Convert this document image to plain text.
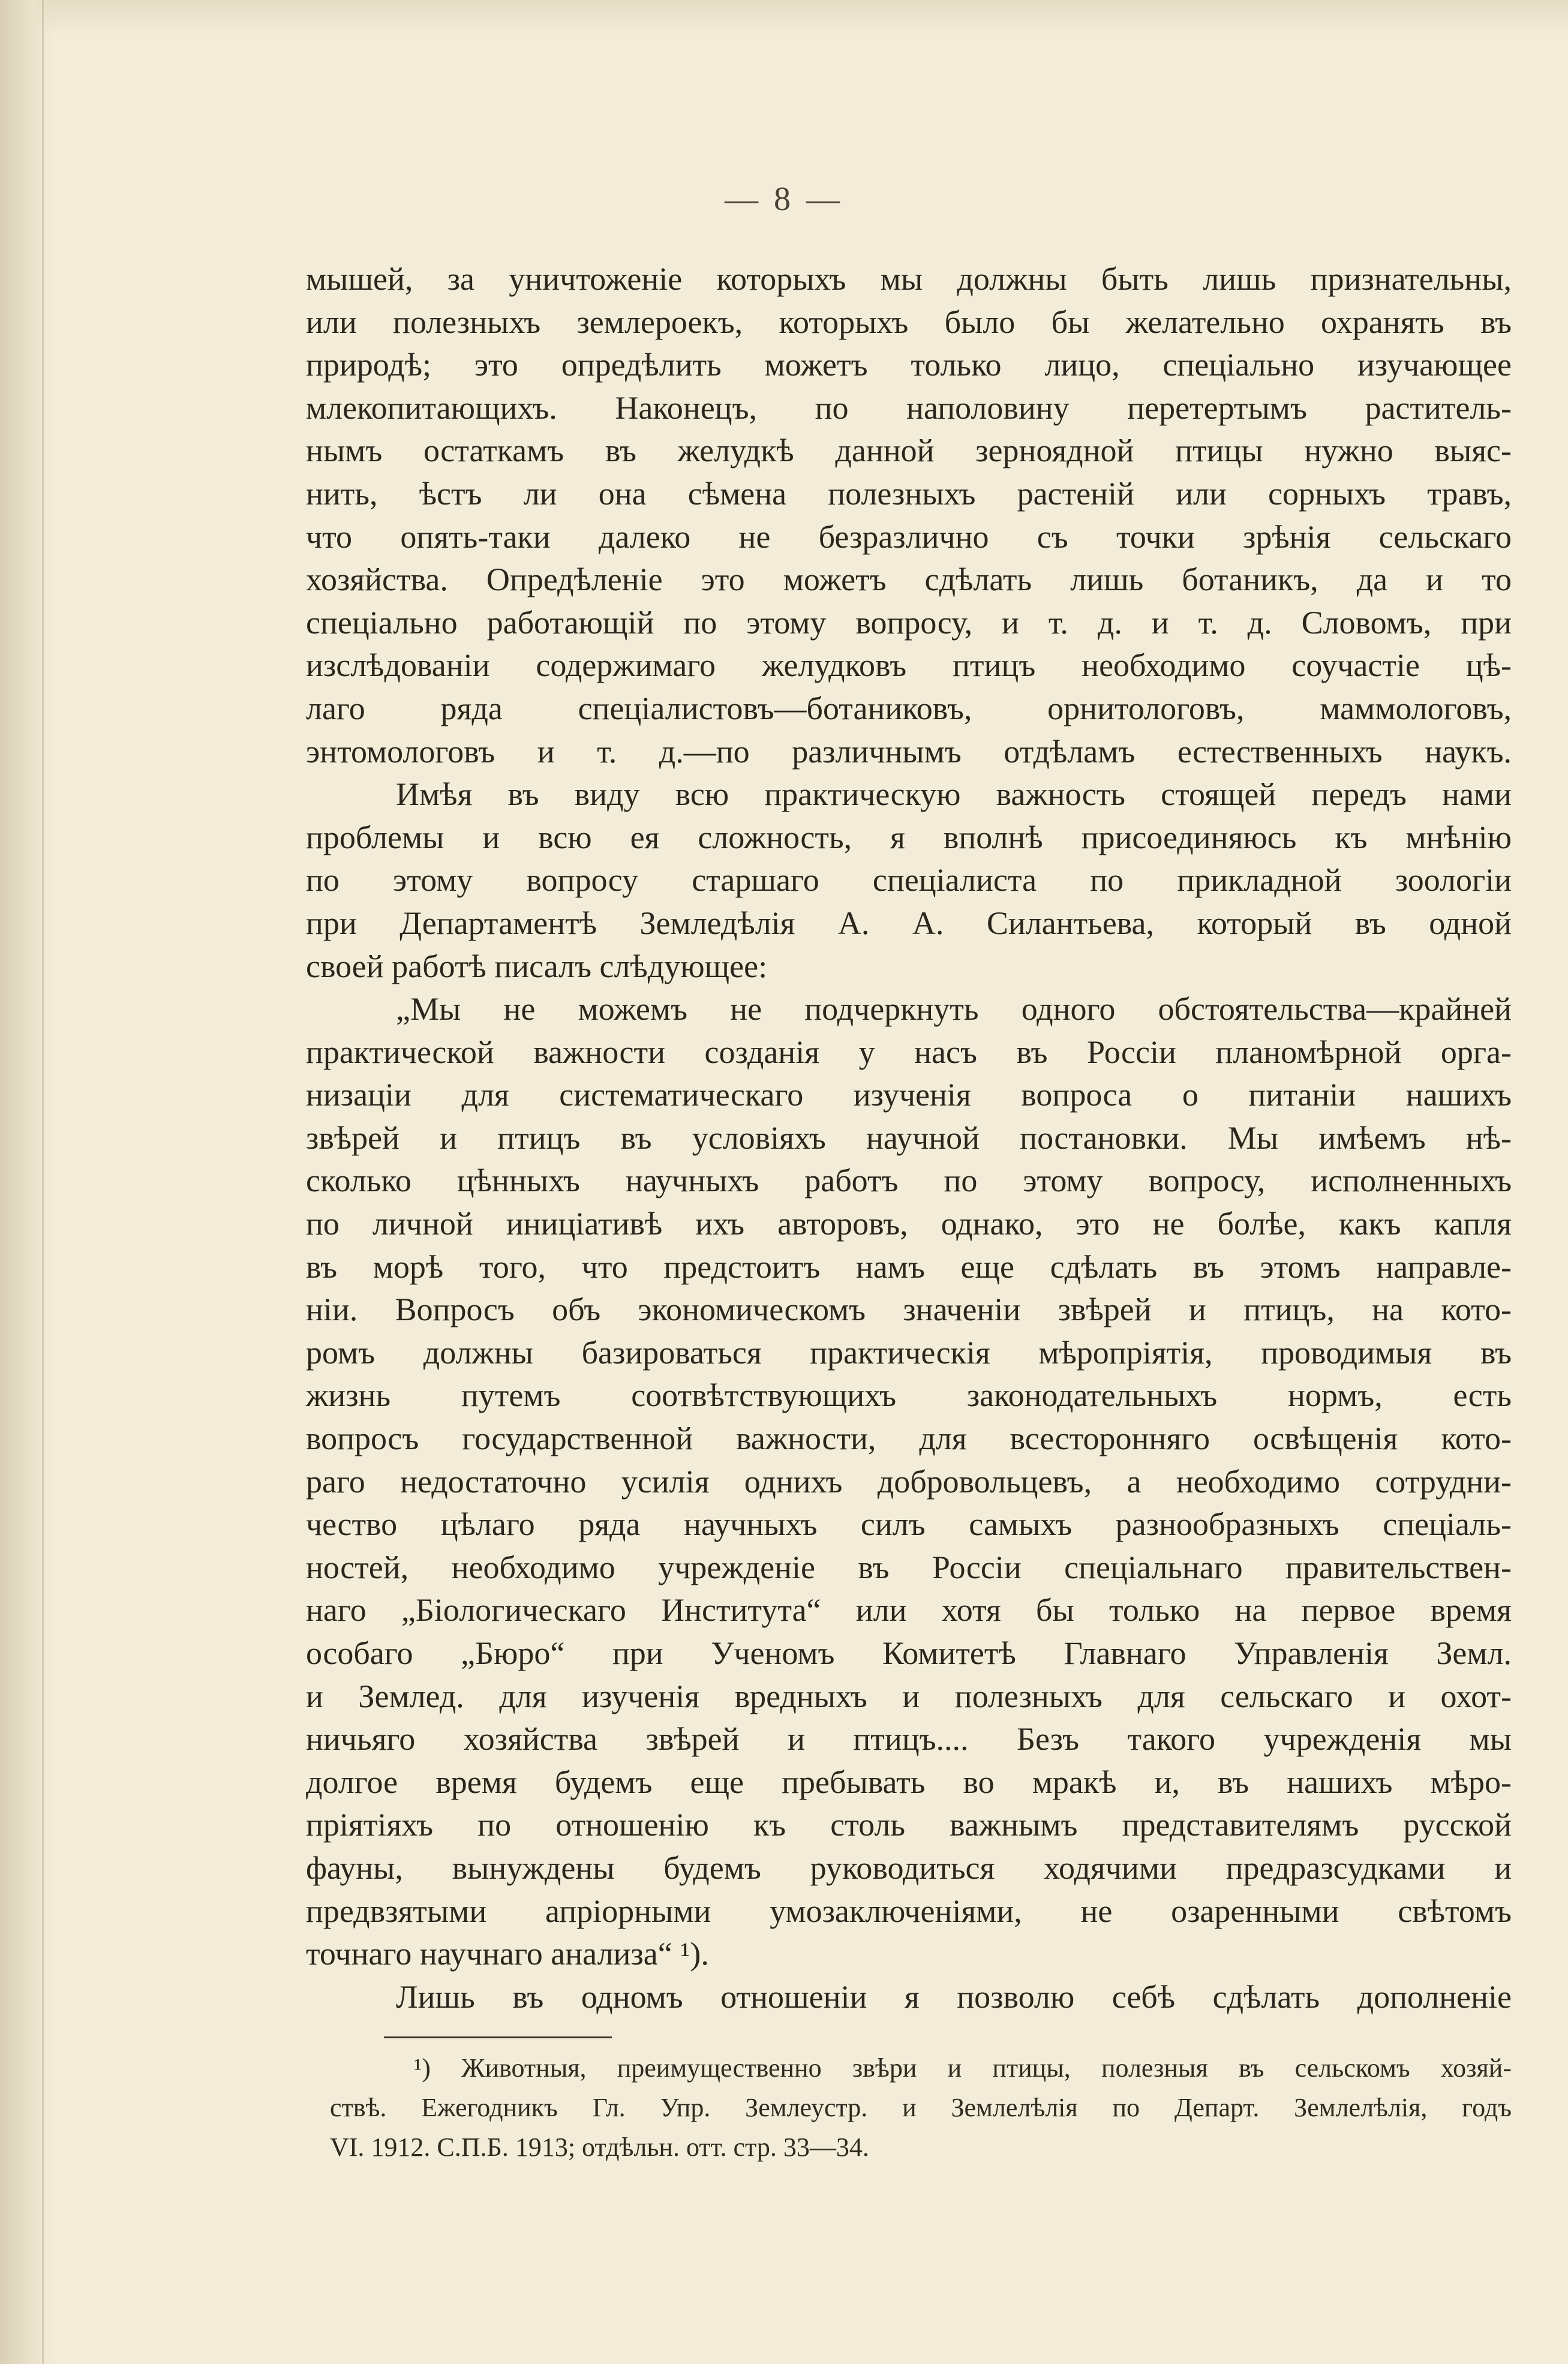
— 8 —
мышей, за уничтоженіе которыхъ мы должны быть лишь признательны,
или полезныхъ землероекъ, которыхъ было бы желательно охранять въ
природѣ; это опредѣлить можетъ только лицо, спеціально изучающее
млекопитающихъ. Наконецъ, по наполовину перетертымъ раститель-
нымъ остаткамъ въ желудкѣ данной зерноядной птицы нужно выяс-
нить, ѣстъ ли она сѣмена полезныхъ растеній или сорныхъ травъ,
что опять-таки далеко не безразлично съ точки зрѣнія сельскаго
хозяйства. Опредѣленіе это можетъ сдѣлать лишь ботаникъ, да и то
спеціально работающій по этому вопросу, и т. д. и т. д. Словомъ, при
изслѣдованіи содержимаго желудковъ птицъ необходимо соучастіе цѣ-
лаго ряда спеціалистовъ—ботаниковъ, орнитологовъ, маммологовъ,
энтомологовъ и т. д.—по различнымъ отдѣламъ естественныхъ наукъ.
Имѣя въ виду всю практическую важность стоящей передъ нами
проблемы и всю ея сложность, я вполнѣ присоединяюсь къ мнѣнію
по этому вопросу старшаго спеціалиста по прикладной зоологіи
при Департаментѣ Земледѣлія А. А. Силантьева, который въ одной
своей работѣ писалъ слѣдующее:
„Мы не можемъ не подчеркнуть одного обстоятельства—крайней
практической важности созданія у насъ въ Россіи планомѣрной орга-
низаціи для систематическаго изученія вопроса о питаніи нашихъ
звѣрей и птицъ въ условіяхъ научной постановки. Мы имѣемъ нѣ-
сколько цѣнныхъ научныхъ работъ по этому вопросу, исполненныхъ
по личной иниціативѣ ихъ авторовъ, однако, это не болѣе, какъ капля
въ морѣ того, что предстоитъ намъ еще сдѣлать въ этомъ направле-
ніи. Вопросъ объ экономическомъ значеніи звѣрей и птицъ, на кото-
ромъ должны базироваться практическія мѣропріятія, проводимыя въ
жизнь путемъ соотвѣтствующихъ законодательныхъ нормъ, есть
вопросъ государственной важности, для всесторонняго освѣщенія кото-
раго недостаточно усилія однихъ добровольцевъ, а необходимо сотрудни-
чество цѣлаго ряда научныхъ силъ самыхъ разнообразныхъ спеціаль-
ностей, необходимо учрежденіе въ Россіи спеціальнаго правительствен-
наго „Біологическаго Института“ или хотя бы только на первое время
особаго „Бюро“ при Ученомъ Комитетѣ Главнаго Управленія Земл.
и Землед. для изученія вредныхъ и полезныхъ для сельскаго и охот-
ничьяго хозяйства звѣрей и птицъ.... Безъ такого учрежденія мы
долгое время будемъ еще пребывать во мракѣ и, въ нашихъ мѣро-
пріятіяхъ по отношенію къ столь важнымъ представителямъ русской
фауны, вынуждены будемъ руководиться ходячими предразсудками и
предвзятыми апріорными умозаключеніями, не озаренными свѣтомъ
точнаго научнаго анализа“ ¹).
Лишь въ одномъ отношеніи я позволю себѣ сдѣлать дополненіе
¹) Животныя, преимущественно звѣри и птицы, полезныя въ сельскомъ хозяй-
ствѣ. Ежегодникъ Гл. Упр. Землеустр. и Землелѣлія по Департ. Землелѣлія, годъ
VI. 1912. С.П.Б. 1913; отдѣльн. отт. стр. 33—34.
